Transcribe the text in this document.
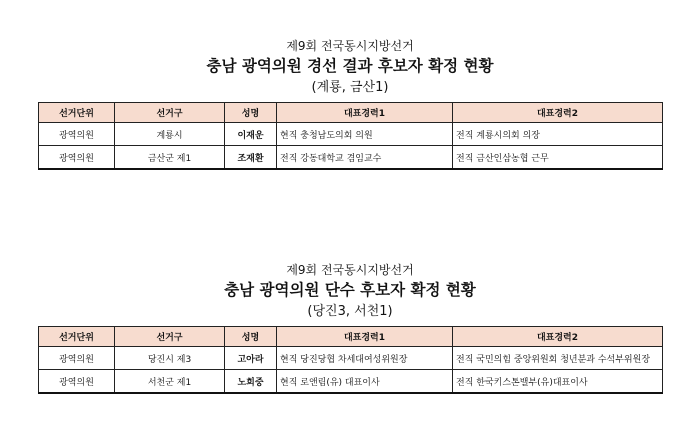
제9회 전국동시지방선거
충남 광역의원 경선 결과 후보자 확정 현황
(계룡, 금산1)
선거단위	선거구	성명	대표경력1	대표경력2
광역의원	계룡시	이재운	현직 충청남도의회 의원	전직 계룡시의회 의장
광역의원	금산군 제1	조재환	전직 강동대학교 겸임교수	전직 금산인삼농협 근무
제9회 전국동시지방선거
충남 광역의원 단수 후보자 확정 현황
(당진3, 서천1)
선거단위	선거구	성명	대표경력1	대표경력2
광역의원	당진시 제3	고아라	현직 당진당협 차세대여성위원장	전직 국민의힘 중앙위원회 청년분과 수석부위원장
광역의원	서천군 제1	노희중	현직 로앤림(유) 대표이사	전직 한국키스톤밸부(유)대표이사
